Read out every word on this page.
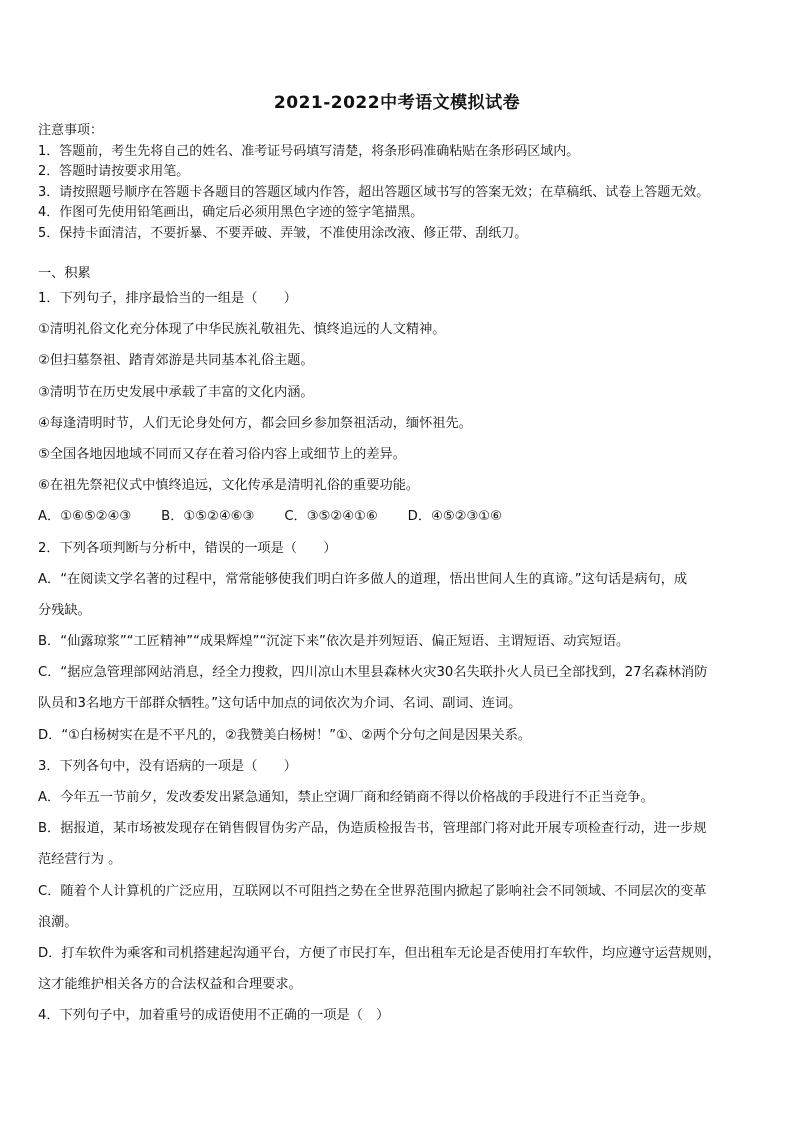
2021-2022中考语文模拟试卷
注意事项：
1．答题前，考生先将自己的姓名、准考证号码填写清楚，将条形码准确粘贴在条形码区域内。
2．答题时请按要求用笔。
3．请按照题号顺序在答题卡各题目的答题区域内作答，超出答题区域书写的答案无效；在草稿纸、试卷上答题无效。
4．作图可先使用铅笔画出，确定后必须用黑色字迹的签字笔描黑。
5．保持卡面清洁，不要折暴、不要弄破、弄皱，不准使用涂改液、修正带、刮纸刀。
一、积累
1．下列句子，排序最恰当的一组是（　　）
①清明礼俗文化充分体现了中华民族礼敬祖先、慎终追远的人文精神。
②但扫墓祭祖、踏青郊游是共同基本礼俗主题。
③清明节在历史发展中承载了丰富的文化内涵。
④每逢清明时节，人们无论身处何方，都会回乡参加祭祖活动，缅怀祖先。
⑤全国各地因地域不同而又存在着习俗内容上或细节上的差异。
⑥在祖先祭祀仪式中慎终追远，文化传承是清明礼俗的重要功能。
A．①⑥⑤②④③ B．①⑤②④⑥③ C．③⑤②④①⑥ D．④⑤②③①⑥
2．下列各项判断与分析中，错误的一项是（　　）
A．“在阅读文学名著的过程中，常常能够使我们明白许多做人的道理，悟出世间人生的真谛。”这句话是病句，成
分残缺。
B．“仙露琼浆”“工匠精神”“成果辉煌”“沉淀下来”依次是并列短语、偏正短语、主谓短语、动宾短语。
C．“据应急管理部网站消息，经全力搜救，四川凉山木里县森林火灾30名失联扑火人员已全部找到，27名森林消防
队员和3名地方干部群众牺牲。”这句话中加点的词依次为介词、名词、副词、连词。
D．“①白杨树实在是不平凡的，②我赞美白杨树！”①、②两个分句之间是因果关系。
3．下列各句中，没有语病的一项是（　　）
A．今年五一节前夕，发改委发出紧急通知，禁止空调厂商和经销商不得以价格战的手段进行不正当竞争。
B．据报道，某市场被发现存在销售假冒伪劣产品，伪造质检报告书，管理部门将对此开展专项检查行动，进一步规
范经营行为 。
C．随着个人计算机的广泛应用，互联网以不可阻挡之势在全世界范围内掀起了影响社会不同领域、不同层次的变革
浪潮。
D．打车软件为乘客和司机搭建起沟通平台，方便了市民打车，但出租车无论是否使用打车软件，均应遵守运营规则，
这才能维护相关各方的合法权益和合理要求。
4．下列句子中，加着重号的成语使用不正确的一项是（　）
